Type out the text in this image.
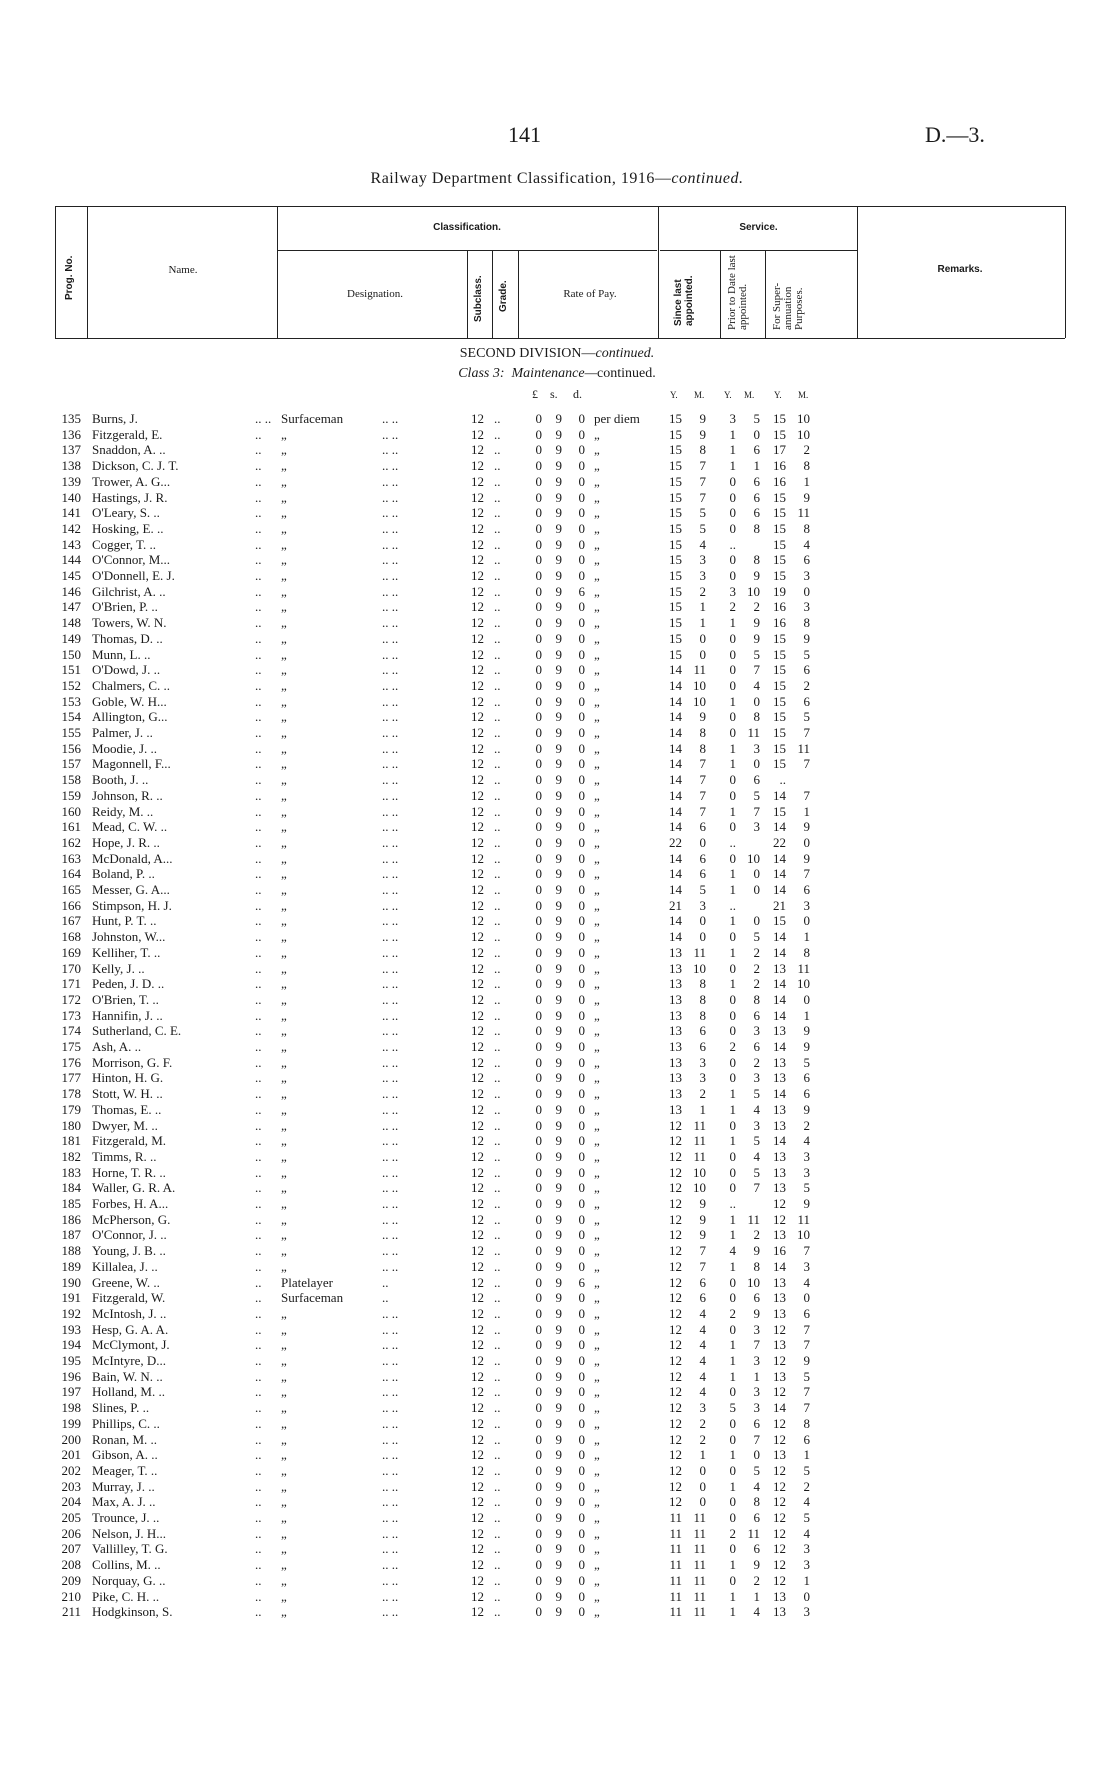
141	D.—3.
Railway Department Classification, 1916—continued.
Prog. No.	Name.
Classification.
Designation.	Subclass. Grade.	Rate of Pay.
Service.
Since last appointed.	Prior to Date last appointed. For Super-annuation Purposes.
Remarks.
SECOND DIVISION—continued.
Class 3: Maintenance—continued.
£ s. d.	Y. M. Y. M. Y. M.
135 Burns, J.	.. .. Surfaceman	.. ..	12 ..	0	9	0 per diem	15	9	3	5	15 10
136 Fitzgerald, E.	.. „	.. ..	12 ..	0	9	0 „	15	9	1	0	15 10
137 Snaddon, A. ..	.. „	.. ..	12 ..	0	9	0 „	15	8	1	6	17	2
138 Dickson, C. J. T.	.. „	.. ..	12 ..	0	9	0 „	15	7	1	1	16	8
139 Trower, A. G...	.. „	.. ..	12 ..	0	9	0 „	15	7	0	6	16	1
140 Hastings, J. R.	.. „	.. ..	12 ..	0	9	0 „	15	7	0	6	15	9
141 O'Leary, S. ..	.. „	.. ..	12 ..	0	9	0 „	15	5	0	6	15 11
142 Hosking, E. ..	.. „	.. ..	12 ..	0	9	0 „	15	5	0	8	15	8
143 Cogger, T. ..	.. „	.. ..	12 ..	0	9	0 „	15	4	..	15	4
144 O'Connor, M...	.. „	.. ..	12 ..	0	9	0 „	15	3	0	8	15	6
145 O'Donnell, E. J.	.. „	.. ..	12 ..	0	9	0 „	15	3	0	9	15	3
146 Gilchrist, A. ..	.. „	.. ..	12 ..	0	9	6 „	15	2	3 10	19	0
147 O'Brien, P. ..	.. „	.. ..	12 ..	0	9	0 „	15	1	2	2	16	3
148 Towers, W. N.	.. „	.. ..	12 ..	0	9	0 „	15	1	1	9	16	8
149 Thomas, D. ..	.. „	.. ..	12 ..	0	9	0 „	15	0	0	9	15	9
150 Munn, L. ..	.. „	.. ..	12 ..	0	9	0 „	15	0	0	5	15	5
151 O'Dowd, J. ..	.. „	.. ..	12 ..	0	9	0 „	14 11	0	7	15	6
152 Chalmers, C. ..	.. „	.. ..	12 ..	0	9	0 „	14 10	0	4	15	2
153 Goble, W. H...	.. „	.. ..	12 ..	0	9	0 „	14 10	1	0	15	6
154 Allington, G...	.. „	.. ..	12 ..	0	9	0 „	14	9	0	8	15	5
155 Palmer, J. ..	.. „	.. ..	12 ..	0	9	0 „	14	8	0 11	15	7
156 Moodie, J. ..	.. „	.. ..	12 ..	0	9	0 „	14	8	1	3	15 11
157 Magonnell, F...	.. „	.. ..	12 ..	0	9	0 „	14	7	1	0	15	7
158 Booth, J. ..	.. „	.. ..	12 ..	0	9	0 „	14	7	0	6	..
159 Johnson, R. ..	.. „	.. ..	12 ..	0	9	0 „	14	7	0	5	14	7
160 Reidy, M. ..	.. „	.. ..	12 ..	0	9	0 „	14	7	1	7	15	1
161 Mead, C. W. ..	.. „	.. ..	12 ..	0	9	0 „	14	6	0	3	14	9
162 Hope, J. R. ..	.. „	.. ..	12 ..	0	9	0 „	22	0	..	22	0
163 McDonald, A...	.. „	.. ..	12 ..	0	9	0 „	14	6	0 10	14	9
164 Boland, P. ..	.. „	.. ..	12 ..	0	9	0 „	14	6	1	0	14	7
165 Messer, G. A...	.. „	.. ..	12 ..	0	9	0 „	14	5	1	0	14	6
166 Stimpson, H. J.	.. „	.. ..	12 ..	0	9	0 „	21	3	..	21	3
167 Hunt, P. T. ..	.. „	.. ..	12 ..	0	9	0 „	14	0	1	0	15	0
168 Johnston, W...	.. „	.. ..	12 ..	0	9	0 „	14	0	0	5	14	1
169 Kelliher, T. ..	.. „	.. ..	12 ..	0	9	0 „	13 11	1	2	14	8
170 Kelly, J. ..	.. „	.. ..	12 ..	0	9	0 „	13 10	0	2	13 11
171 Peden, J. D. ..	.. „	.. ..	12 ..	0	9	0 „	13	8	1	2	14 10
172 O'Brien, T. ..	.. „	.. ..	12 ..	0	9	0 „	13	8	0	8	14	0
173 Hannifin, J. ..	.. „	.. ..	12 ..	0	9	0 „	13	8	0	6	14	1
174 Sutherland, C. E.	.. „	.. ..	12 ..	0	9	0 „	13	6	0	3	13	9
175 Ash, A. ..	.. „	.. ..	12 ..	0	9	0 „	13	6	2	6	14	9
176 Morrison, G. F.	.. „	.. ..	12 ..	0	9	0 „	13	3	0	2	13	5
177 Hinton, H. G.	.. „	.. ..	12 ..	0	9	0 „	13	3	0	3	13	6
178 Stott, W. H. ..	.. „	.. ..	12 ..	0	9	0 „	13	2	1	5	14	6
179 Thomas, E. ..	.. „	.. ..	12 ..	0	9	0 „	13	1	1	4	13	9
180 Dwyer, M. ..	.. „	.. ..	12 ..	0	9	0 „	12 11	0	3	13	2
181 Fitzgerald, M.	.. „	.. ..	12 ..	0	9	0 „	12 11	1	5	14	4
182 Timms, R. ..	.. „	.. ..	12 ..	0	9	0 „	12 11	0	4	13	3
183 Horne, T. R. ..	.. „	.. ..	12 ..	0	9	0 „	12 10	0	5	13	3
184 Waller, G. R. A.	.. „	.. ..	12 ..	0	9	0 „	12 10	0	7	13	5
185 Forbes, H. A...	.. „	.. ..	12 ..	0	9	0 „	12	9	..	12	9
186 McPherson, G.	.. „	.. ..	12 ..	0	9	0 „	12	9	1 11	12 11
187 O'Connor, J. ..	.. „	.. ..	12 ..	0	9	0 „	12	9	1	2	13 10
188 Young, J. B. ..	.. „	.. ..	12 ..	0	9	0 „	12	7	4	9	16	7
189 Killalea, J. ..	.. „	.. ..	12 ..	0	9	0 „	12	7	1	8	14	3
190 Greene, W. ..	.. Platelayer	..	12 ..	0	9	6 „	12	6	0 10	13	4
191 Fitzgerald, W.	.. Surfaceman	..	12 ..	0	9	0 „	12	6	0	6	13	0
192 McIntosh, J. ..	.. „	.. ..	12 ..	0	9	0 „	12	4	2	9	13	6
193 Hesp, G. A. A.	.. „	.. ..	12 ..	0	9	0 „	12	4	0	3	12	7
194 McClymont, J.	.. „	.. ..	12 ..	0	9	0 „	12	4	1	7	13	7
195 McIntyre, D...	.. „	.. ..	12 ..	0	9	0 „	12	4	1	3	12	9
196 Bain, W. N. ..	.. „	.. ..	12 ..	0	9	0 „	12	4	1	1	13	5
197 Holland, M. ..	.. „	.. ..	12 ..	0	9	0 „	12	4	0	3	12	7
198 Slines, P. ..	.. „	.. ..	12 ..	0	9	0 „	12	3	5	3	14	7
199 Phillips, C. ..	.. „	.. ..	12 ..	0	9	0 „	12	2	0	6	12	8
200 Ronan, M. ..	.. „	.. ..	12 ..	0	9	0 „	12	2	0	7	12	6
201 Gibson, A. ..	.. „	.. ..	12 ..	0	9	0 „	12	1	1	0	13	1
202 Meager, T. ..	.. „	.. ..	12 ..	0	9	0 „	12	0	0	5	12	5
203 Murray, J. ..	.. „	.. ..	12 ..	0	9	0 „	12	0	1	4	12	2
204 Max, A. J. ..	.. „	.. ..	12 ..	0	9	0 „	12	0	0	8	12	4
205 Trounce, J. ..	.. „	.. ..	12 ..	0	9	0 „	11 11	0	6	12	5
206 Nelson, J. H...	.. „	.. ..	12 ..	0	9	0 „	11 11	2 11	12	4
207 Vallilley, T. G.	.. „	.. ..	12 ..	0	9	0 „	11 11	0	6	12	3
208 Collins, M. ..	.. „	.. ..	12 ..	0	9	0 „	11 11	1	9	12	3
209 Norquay, G. ..	.. „	.. ..	12 ..	0	9	0 „	11 11	0	2	12	1
210 Pike, C. H. ..	.. „	.. ..	12 ..	0	9	0 „	11 11	1	1	13	0
211 Hodgkinson, S.	.. „	.. ..	12 ..	0	9	0 „	11 11	1	4	13	3
